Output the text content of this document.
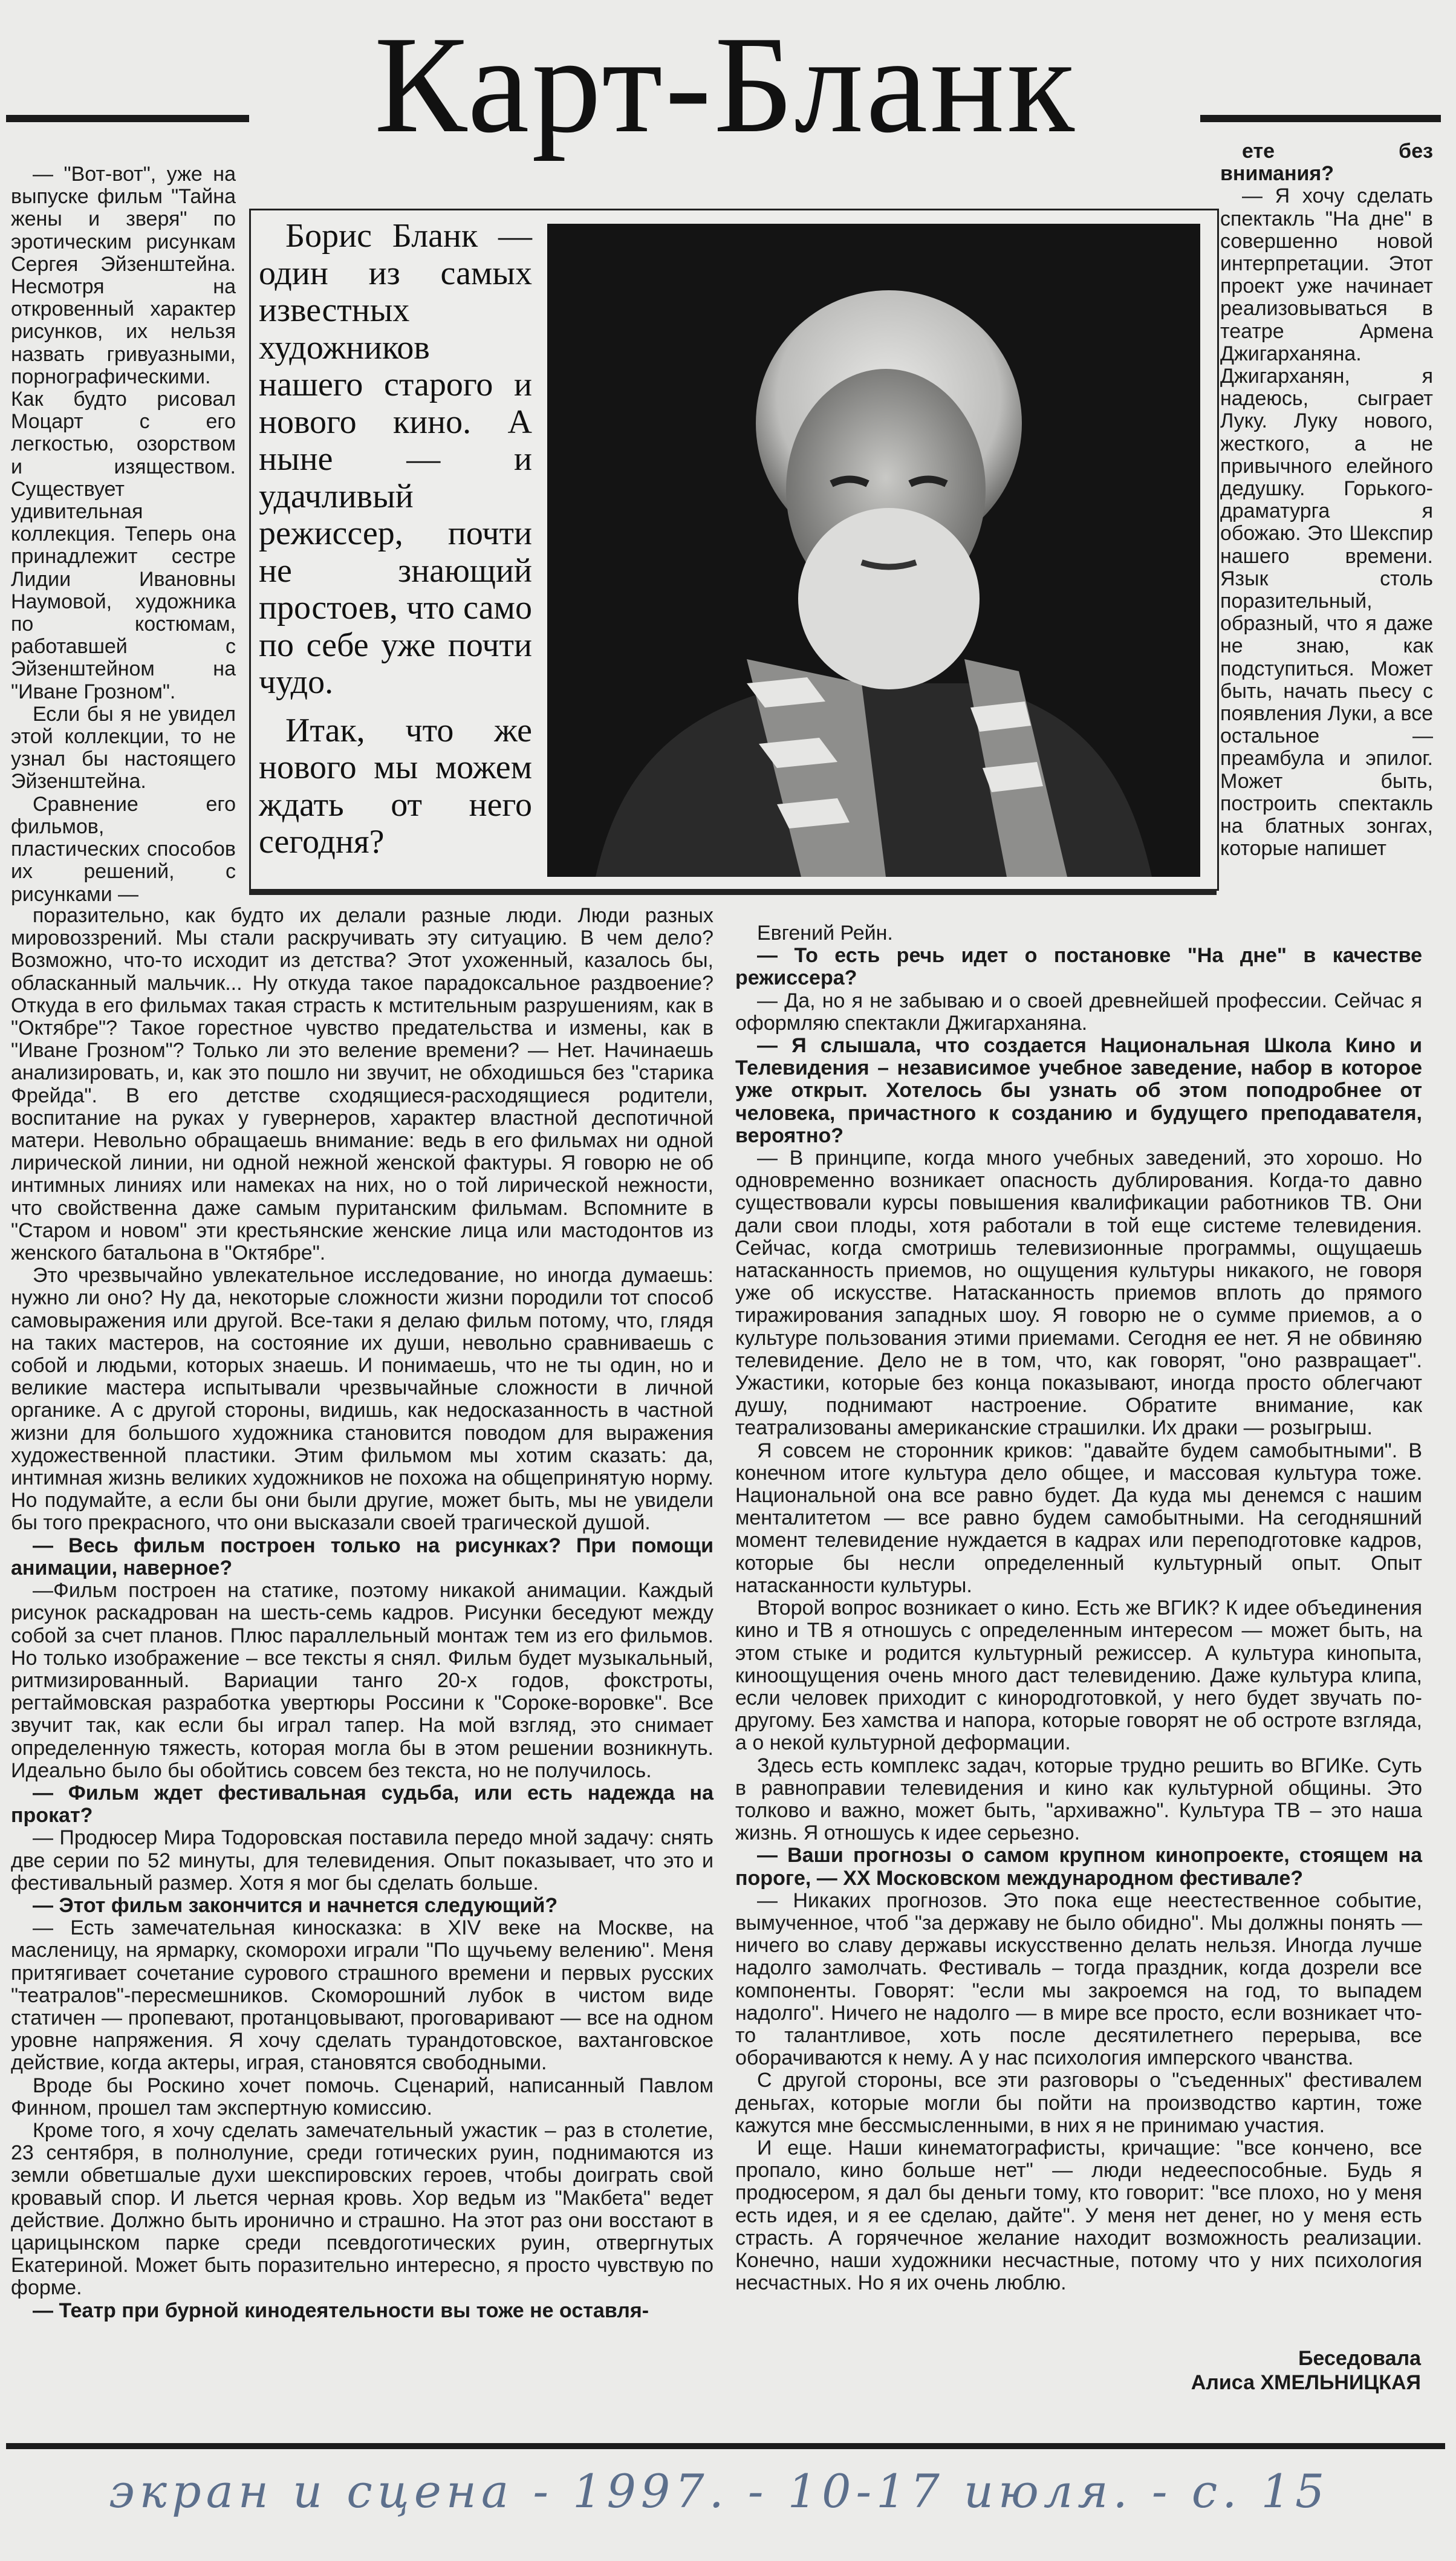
Карт-Бланк

— "Вот-вот", уже на выпуске фильм "Тайна жены и зверя" по эротическим рисункам Сергея Эйзенштейна. Несмотря на откровенный характер рисунков, их нельзя назвать гривуазными, порнографическими. Как будто рисовал Моцарт с его легкостью, озорством и изяществом. Существует удивительная коллекция. Теперь она принадлежит сестре Лидии Ивановны Наумовой, художника по костюмам, работавшей с Эйзенштейном на "Иване Грозном".

Если бы я не увидел этой коллекции, то не узнал бы настоящего Эйзенштейна.

Сравнение его фильмов, пластических способов их решений, с рисунками —

Борис Бланк — один из самых известных художников нашего старого и нового кино. А ныне — и удачливый режиссер, почти не знающий простоев, что само по себе уже почти чудо.

Итак, что же нового мы можем ждать от него сегодня?

ете без внимания?

— Я хочу сделать спектакль "На дне" в совершенно новой интерпретации. Этот проект уже начинает реализовываться в театре Армена Джигарханяна. Джигарханян, я надеюсь, сыграет Луку. Луку нового, жесткого, а не привычного елейного дедушку. Горького-драматурга я обожаю. Это Шекспир нашего времени. Язык столь поразительный, образный, что я даже не знаю, как подступиться. Может быть, начать пьесу с появления Луки, а все остальное — преамбула и эпилог. Может быть, построить спектакль на блатных зонгах, которые напишет

поразительно, как будто их делали разные люди. Люди разных мировоззрений. Мы стали раскручивать эту ситуацию. В чем дело? Возможно, что-то исходит из детства? Этот ухоженный, казалось бы, обласканный мальчик... Ну откуда такое парадоксальное раздвоение? Откуда в его фильмах такая страсть к мстительным разрушениям, как в "Октябре"? Такое горестное чувство предательства и измены, как в "Иване Грозном"? Только ли это веление времени? — Нет. Начинаешь анализировать, и, как это пошло ни звучит, не обходишься без "старика Фрейда". В его детстве сходящиеся-расходящиеся родители, воспитание на руках у гувернеров, характер властной деспотичной матери. Невольно обращаешь внимание: ведь в его фильмах ни одной лирической линии, ни одной нежной женской фактуры. Я говорю не об интимных линиях или намеках на них, но о той лирической нежности, что свойственна даже самым пуританским фильмам. Вспомните в "Старом и новом" эти крестьянские женские лица или мастодонтов из женского батальона в "Октябре".

Это чрезвычайно увлекательное исследование, но иногда думаешь: нужно ли оно? Ну да, некоторые сложности жизни породили тот способ самовыражения или другой. Все-таки я делаю фильм потому, что, глядя на таких мастеров, на состояние их души, невольно сравниваешь с собой и людьми, которых знаешь. И понимаешь, что не ты один, но и великие мастера испытывали чрезвычайные сложности в личной органике. А с другой стороны, видишь, как недосказанность в частной жизни для большого художника становится поводом для выражения художественной пластики. Этим фильмом мы хотим сказать: да, интимная жизнь великих художников не похожа на общепринятую норму. Но подумайте, а если бы они были другие, может быть, мы не увидели бы того прекрасного, что они высказали своей трагической душой.

— Весь фильм построен только на рисунках? При помощи анимации, наверное?

—Фильм построен на статике, поэтому никакой анимации. Каждый рисунок раскадрован на шесть-семь кадров. Рисунки беседуют между собой за счет планов. Плюс параллельный монтаж тем из его фильмов. Но только изображение – все тексты я снял. Фильм будет музыкальный, ритмизированный. Вариации танго 20-х годов, фокстроты, регтаймовская разработка увертюры Россини к "Сороке-воровке". Все звучит так, как если бы играл тапер. На мой взгляд, это снимает определенную тяжесть, которая могла бы в этом решении возникнуть. Идеально было бы обойтись совсем без текста, но не получилось.

— Фильм ждет фестивальная судьба, или есть надежда на прокат?

— Продюсер Мира Тодоровская поставила передо мной задачу: снять две серии по 52 минуты, для телевидения. Опыт показывает, что это и фестивальный размер. Хотя я мог бы сделать больше.

— Этот фильм закончится и начнется следующий?

— Есть замечательная киносказка: в XIV веке на Москве, на масленицу, на ярмарку, скоморохи играли "По щучьему велению". Меня притягивает сочетание сурового страшного времени и первых русских "театралов"-пересмешников. Скоморошний лубок в чистом виде статичен — пропевают, протанцовывают, проговаривают — все на одном уровне напряжения. Я хочу сделать турандотовское, вахтанговское действие, когда актеры, играя, становятся свободными.

Вроде бы Роскино хочет помочь. Сценарий, написанный Павлом Финном, прошел там экспертную комиссию.

Кроме того, я хочу сделать замечательный ужастик – раз в столетие, 23 сентября, в полнолуние, среди готических руин, поднимаются из земли обветшалые духи шекспировских героев, чтобы доиграть свой кровавый спор. И льется черная кровь. Хор ведьм из "Макбета" ведет действие. Должно быть иронично и страшно. На этот раз они восстают в царицынском парке среди псевдоготических руин, отвергнутых Екатериной. Может быть поразительно интересно, я просто чувствую по форме.

— Театр при бурной кинодеятельности вы тоже не оставля-

Евгений Рейн.

— То есть речь идет о постановке "На дне" в качестве режиссера?

— Да, но я не забываю и о своей древнейшей профессии. Сейчас я оформляю спектакли Джигарханяна.

— Я слышала, что создается Национальная Школа Кино и Телевидения – независимое учебное заведение, набор в которое уже открыт. Хотелось бы узнать об этом поподробнее от человека, причастного к созданию и будущего преподавателя, вероятно?

— В принципе, когда много учебных заведений, это хорошо. Но одновременно возникает опасность дублирования. Когда-то давно существовали курсы повышения квалификации работников ТВ. Они дали свои плоды, хотя работали в той еще системе телевидения. Сейчас, когда смотришь телевизионные программы, ощущаешь натасканность приемов, но ощущения культуры никакого, не говоря уже об искусстве. Натасканность приемов вплоть до прямого тиражирования западных шоу. Я говорю не о сумме приемов, а о культуре пользования этими приемами. Сегодня ее нет. Я не обвиняю телевидение. Дело не в том, что, как говорят, "оно развращает". Ужастики, которые без конца показывают, иногда просто облегчают душу, поднимают настроение. Обратите внимание, как театрализованы американские страшилки. Их драки — розыгрыш.

Я совсем не сторонник криков: "давайте будем самобытными". В конечном итоге культура дело общее, и массовая культура тоже. Национальной она все равно будет. Да куда мы денемся с нашим менталитетом — все равно будем самобытными. На сегодняшний момент телевидение нуждается в кадрах или переподготовке кадров, которые бы несли определенный культурный опыт. Опыт натасканности культуры.

Второй вопрос возникает о кино. Есть же ВГИК? К идее объединения кино и ТВ я отношусь с определенным интересом — может быть, на этом стыке и родится культурный режиссер. А культура кинопыта, киноощущения очень много даст телевидению. Даже культура клипа, если человек приходит с кинopодготовкой, у него будет звучать по-другому. Без хамства и напора, которые говорят не об остроте взгляда, а о некой культурной деформации.

Здесь есть комплекс задач, которые трудно решить во ВГИКе. Суть в равноправии телевидения и кино как культурной общины. Это толково и важно, может быть, "архиважно". Культура ТВ – это наша жизнь. Я отношусь к идее серьезно.

— Ваши прогнозы о самом крупном кинопроекте, стоящем на пороге, — XX Московском международном фестивале?

— Никаких прогнозов. Это пока еще неестественное событие, вымученное, чтоб "за державу не было обидно". Мы должны понять — ничего во славу державы искусственно делать нельзя. Иногда лучше надолго замолчать. Фестиваль – тогда праздник, когда дозрели все компоненты. Говорят: "если мы закроемся на год, то выпадем надолго". Ничего не надолго — в мире все просто, если возникает что-то талантливое, хоть после десятилетнего перерыва, все оборачиваются к нему. А у нас психология имперского чванства.

С другой стороны, все эти разговоры о "съеденных" фестивалем деньгах, которые могли бы пойти на производство картин, тоже кажутся мне бессмысленными, в них я не принимаю участия.

И еще. Наши кинематографисты, кричащие: "все кончено, все пропало, кино больше нет" — люди недееспособные. Будь я продюсером, я дал бы деньги тому, кто говорит: "все плохо, но у меня есть идея, и я ее сделаю, дайте". У меня нет денег, но у меня есть страсть. А горячечное желание находит возможность реализации. Конечно, наши художники несчастные, потому что у них психология несчастных. Но я их очень люблю.

Беседовала
Алиса ХМЕЛЬНИЦКАЯ
экран и сцена - 1997. - 10-17 июля. - с. 15
